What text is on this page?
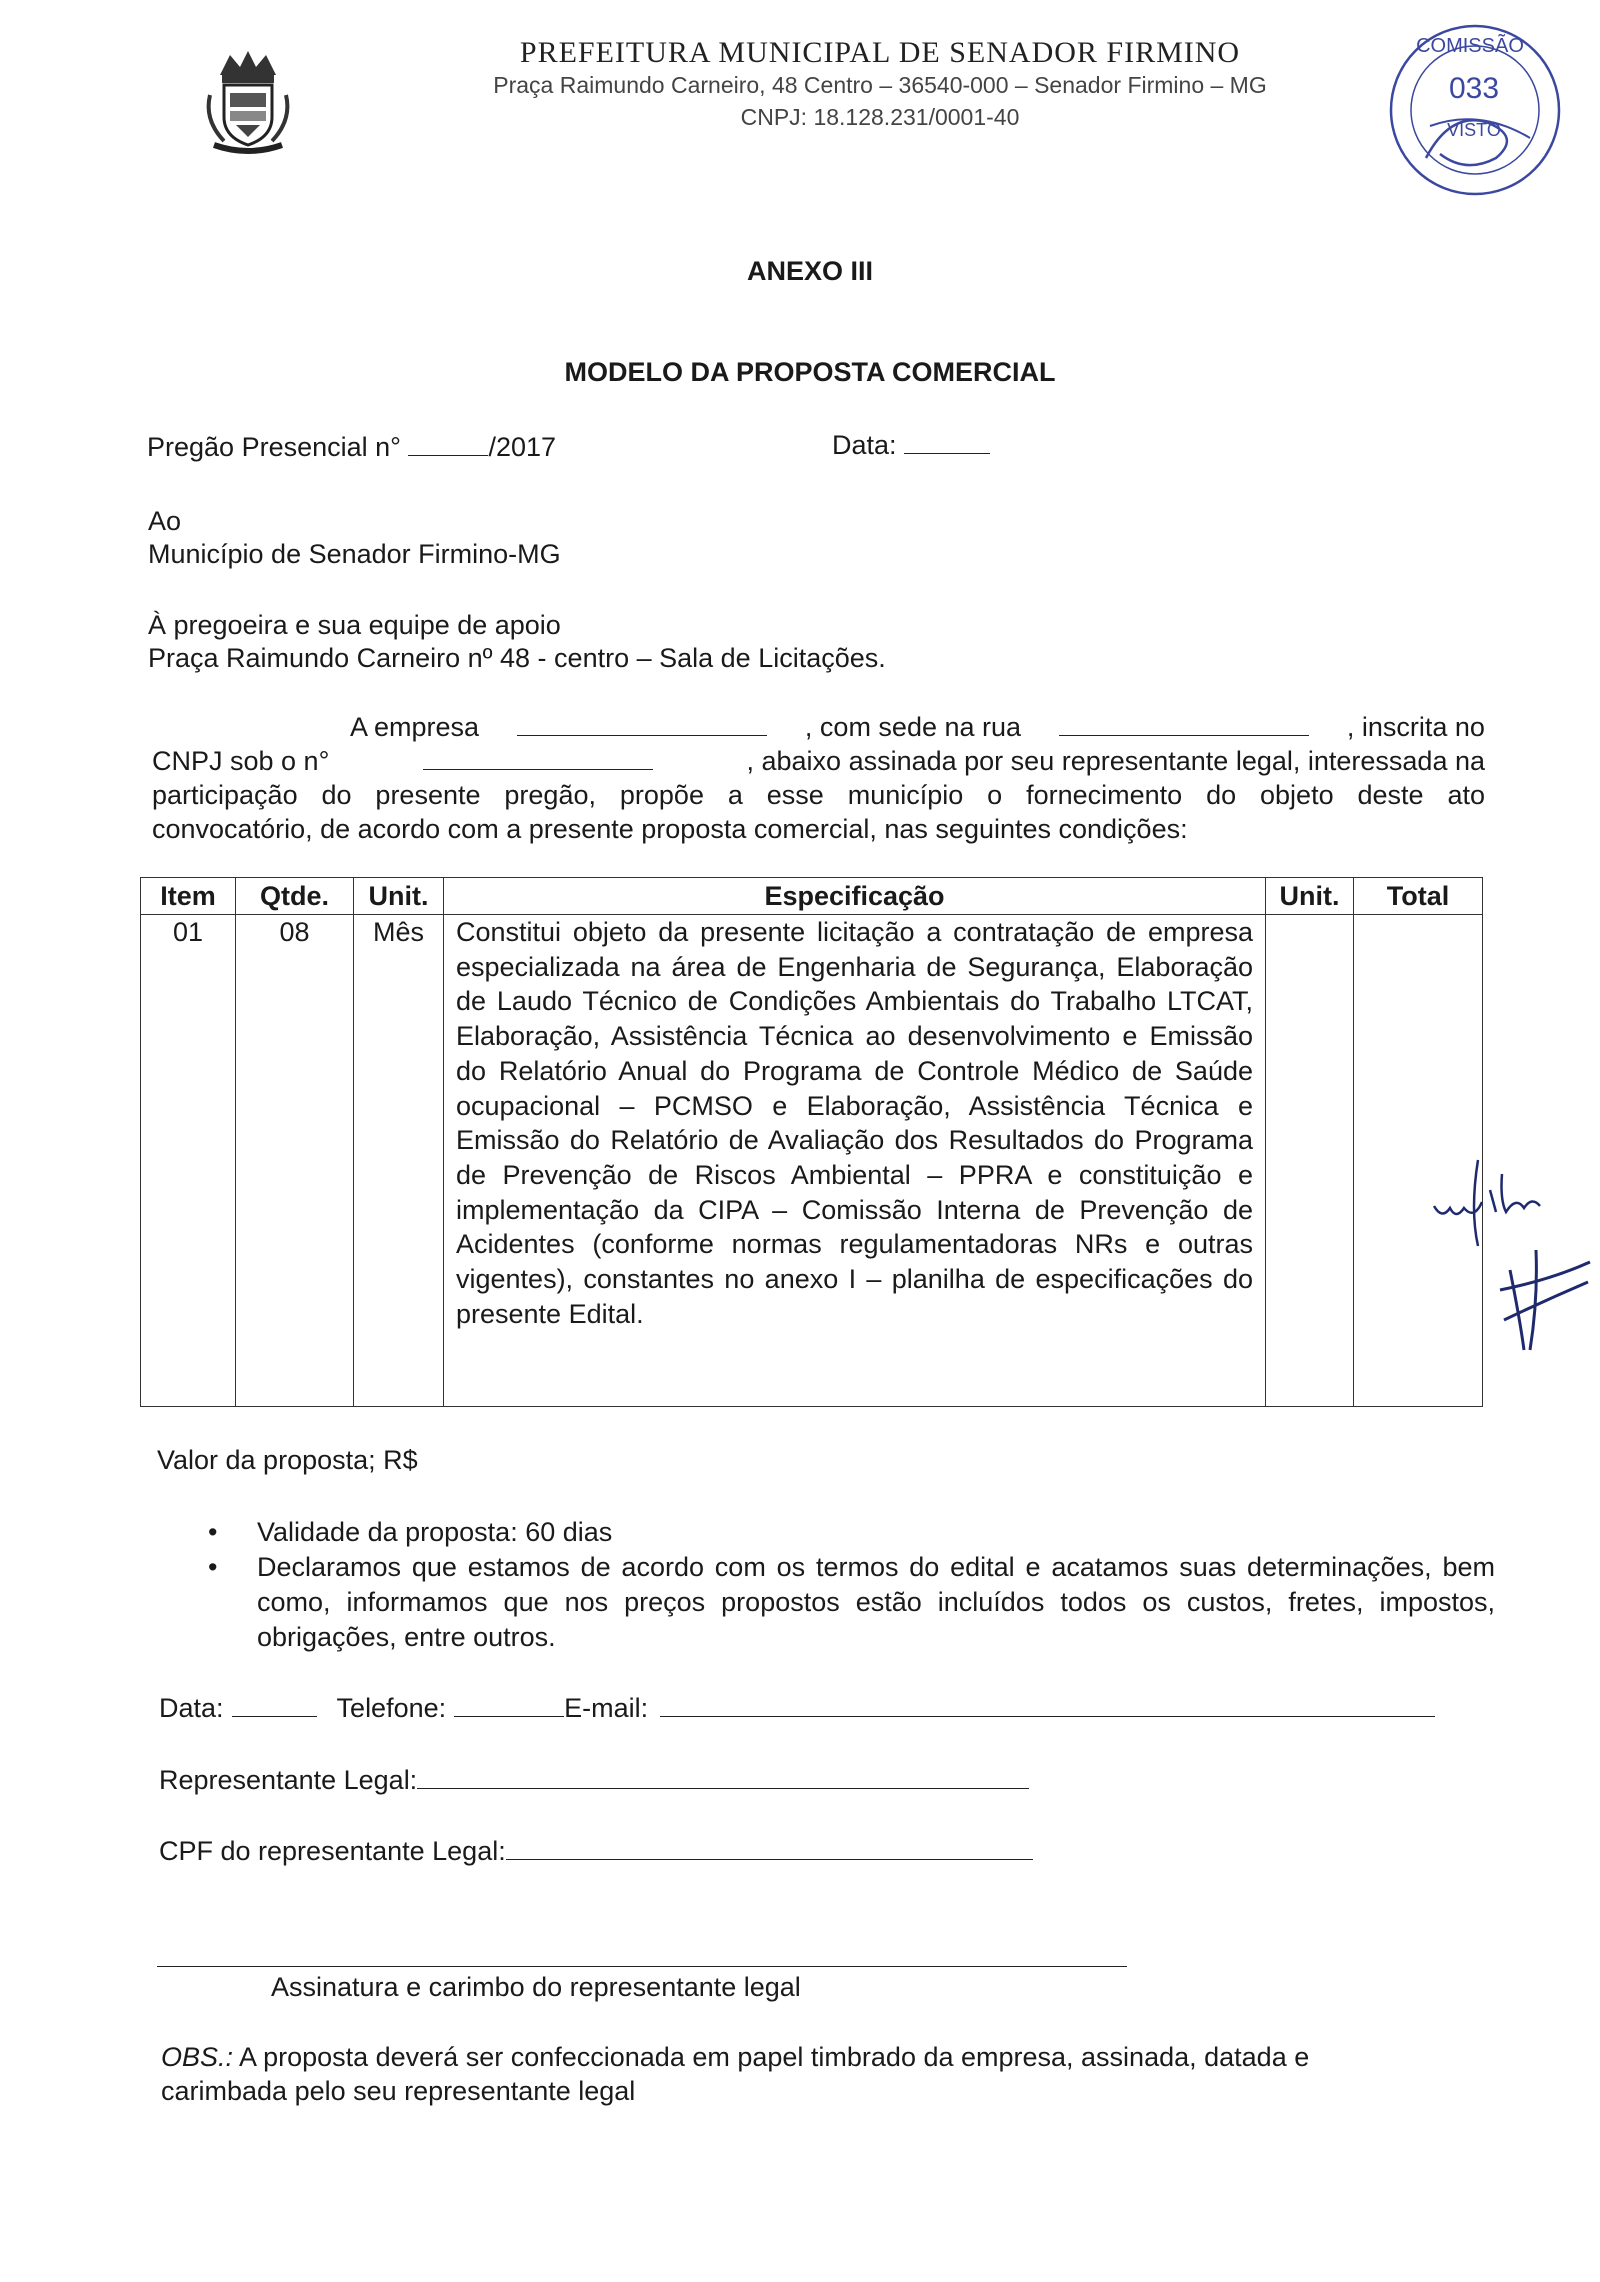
PREFEITURA MUNICIPAL DE SENADOR FIRMINO
Praça Raimundo Carneiro, 48 Centro – 36540-000 – Senador Firmino – MG
CNPJ: 18.128.231/0001-40
COMISSÃO
033
VISTO
ANEXO III
MODELO DA PROPOSTA COMERCIAL
Pregão Presencial n°	/2017	Data:
Ao
Município de Senador Firmino-MG
À pregoeira e sua equipe de apoio
Praça Raimundo Carneiro nº 48 - centro – Sala de Licitações.
A empresa	, com sede na rua	, inscrita no
CNPJ sob o n°	, abaixo assinada por seu representante legal, interessada na
participação do presente pregão, propõe a esse município o fornecimento do objeto deste ato
convocatório, de acordo com a presente proposta comercial, nas seguintes condições:
Item	Qtde.	Unit.	Especificação	Unit.	Total
01	08	Mês	Constitui objeto da presente licitação a contratação de empresa especializada na área de Engenharia de Segurança, Elaboração de Laudo Técnico de Condições Ambientais do Trabalho LTCAT, Elaboração, Assistência Técnica ao desenvolvimento e Emissão do Relatório Anual do Programa de Controle Médico de Saúde ocupacional – PCMSO e Elaboração, Assistência Técnica e Emissão do Relatório de Avaliação dos Resultados do Programa de Prevenção de Riscos Ambiental – PPRA e constituição e implementação da CIPA – Comissão Interna de Prevenção de Acidentes (conforme normas regulamentadoras NRs e outras vigentes), constantes no anexo I – planilha de especificações do presente Edital.		
Valor da proposta; R$
• Validade da proposta: 60 dias
• Declaramos que estamos de acordo com os termos do edital e acatamos suas determinações, bem como, informamos que nos preços propostos estão incluídos todos os custos, fretes, impostos, obrigações, entre outros.
Data:	Telefone:	E-mail:
Representante Legal:
CPF do representante Legal:
Assinatura e carimbo do representante legal
OBS.: A proposta deverá ser confeccionada em papel timbrado da empresa, assinada, datada e
carimbada pelo seu representante legal
